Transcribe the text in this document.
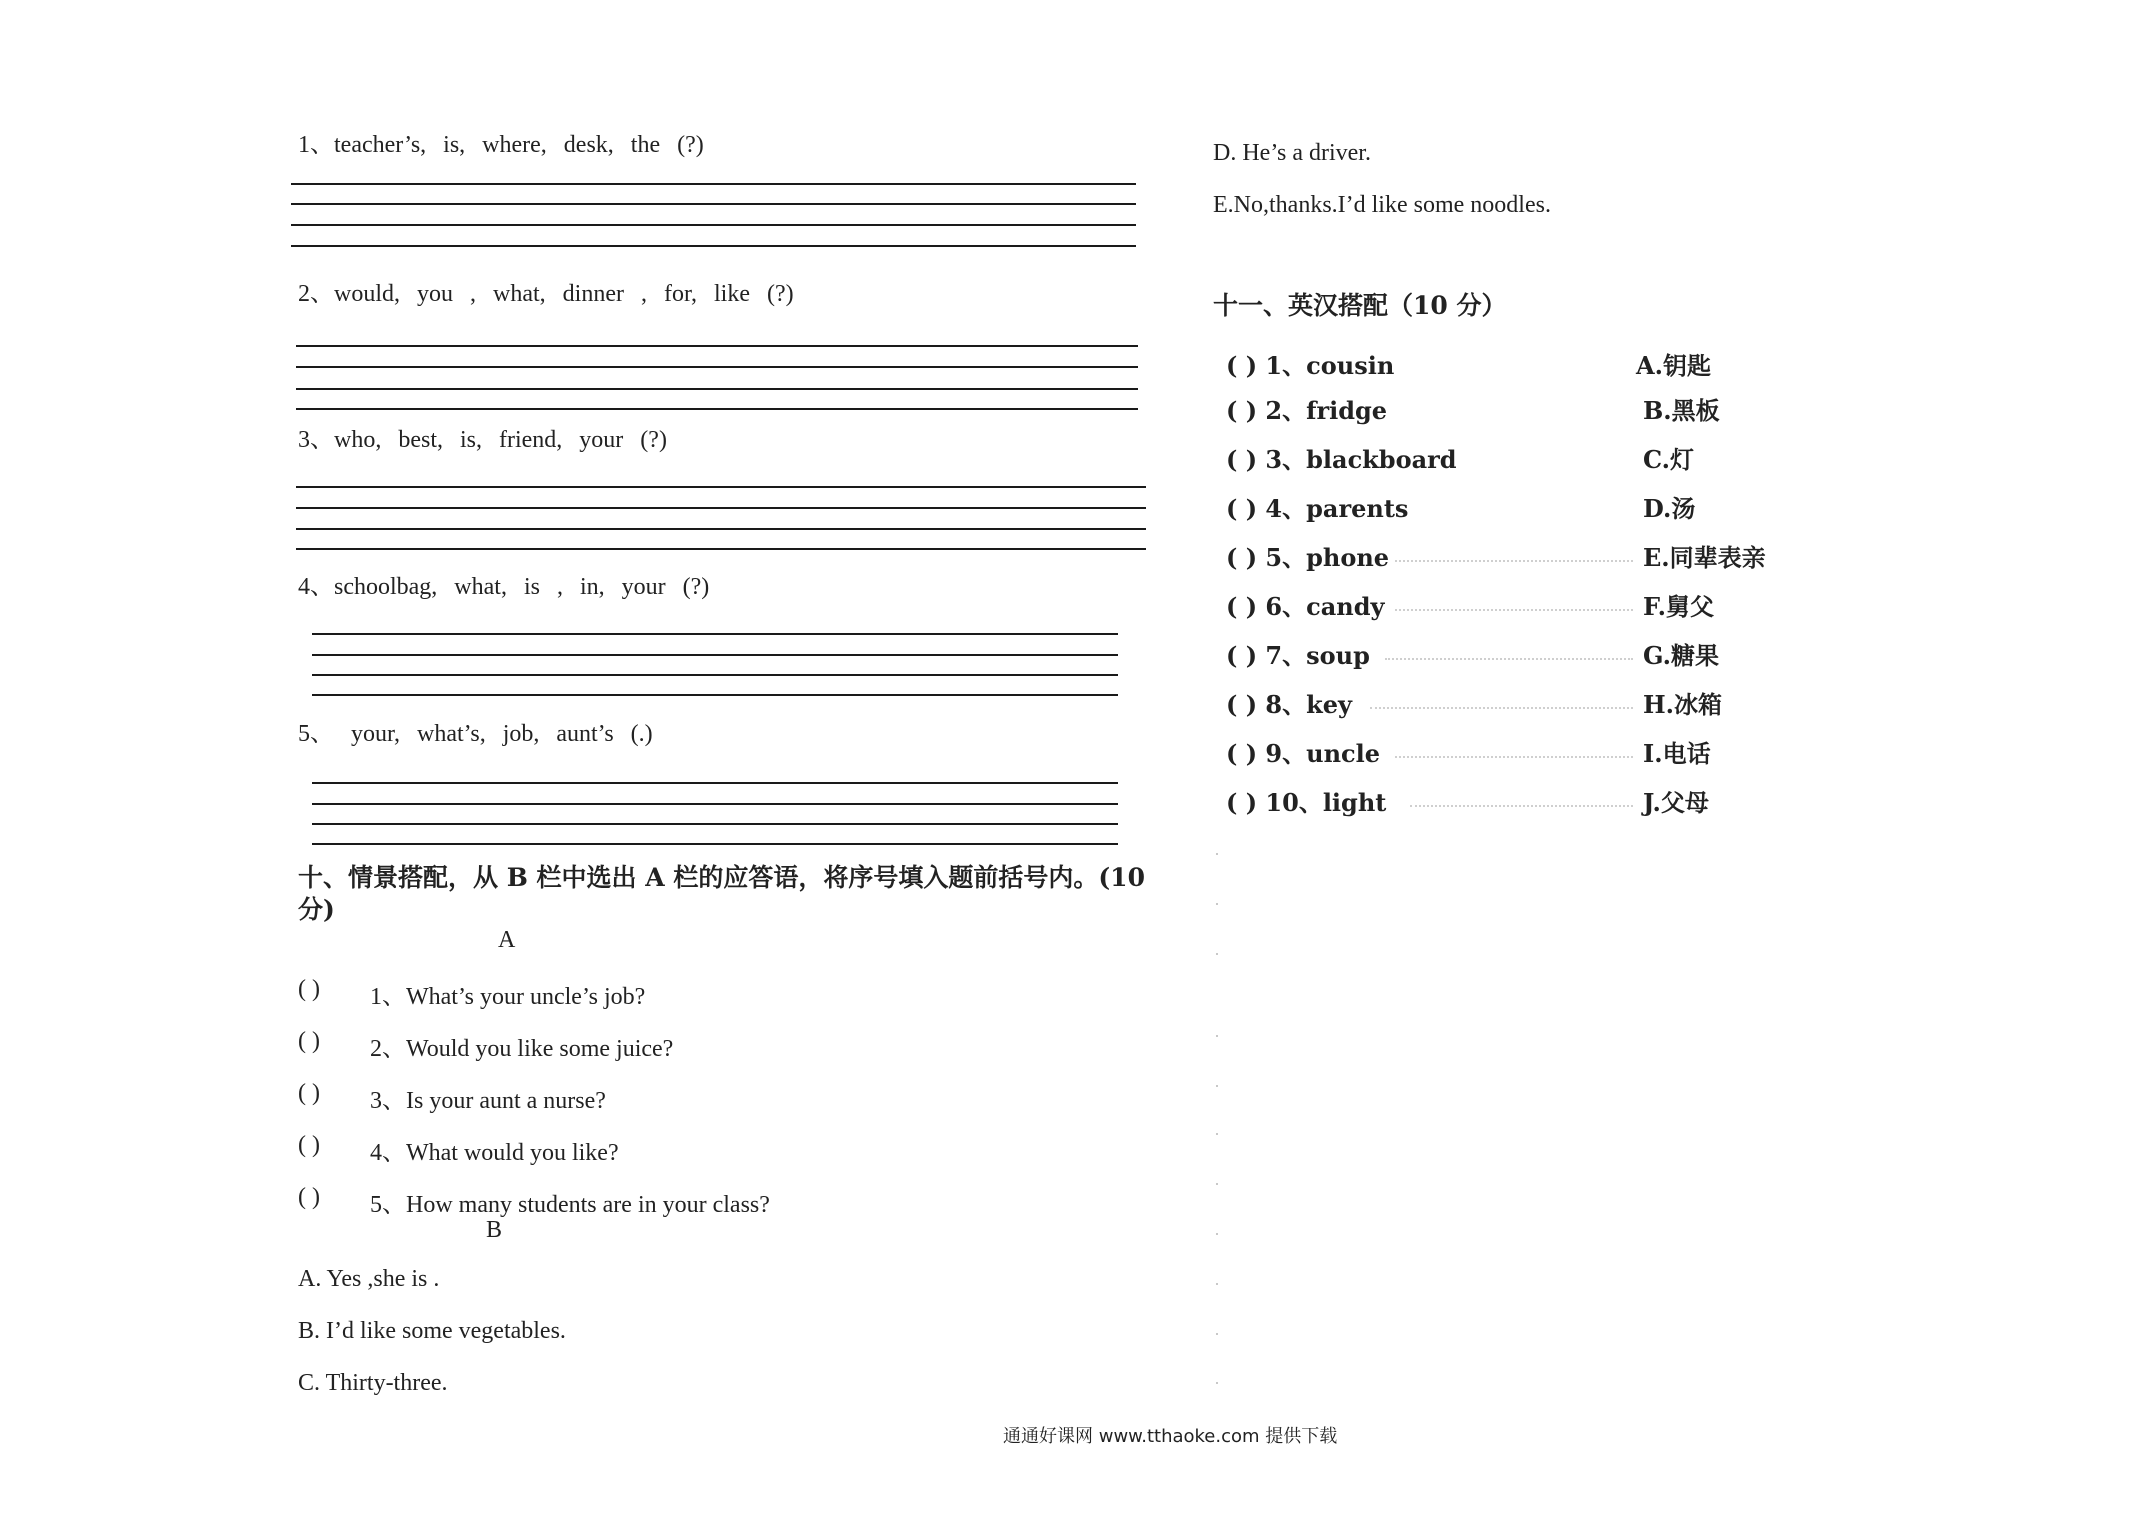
1、teacher’s, is, where, desk, the (?)
2、would, you , what, dinner , for, like (?)
3、who, best, is, friend, your (?)
4、schoolbag, what, is , in, your (?)
5、 your, what’s, job, aunt’s (.)
十、情景搭配，从 B 栏中选出 A 栏的应答语，将序号填入题前括号内。(10
分)
A
( ) 1、What’s your uncle’s job?
( ) 2、Would you like some juice?
( ) 3、Is your aunt a nurse?
( ) 4、What would you like?
( ) 5、How many students are in your class?
B
A. Yes ,she is .
B. I’d like some vegetables.
C. Thirty-three.
D. He’s a driver.
E.No,thanks.I’d like some noodles.
十一、英汉搭配（10 分）
( ) 1、cousin	A.钥匙
( ) 2、fridge	B.黑板
( ) 3、blackboard	C.灯
( ) 4、parents	D.汤
( ) 5、phone	E.同辈表亲
( ) 6、candy	F.舅父
( ) 7、soup	G.糖果
( ) 8、key	H.冰箱
( ) 9、uncle	I.电话
( ) 10、light	J.父母
通通好课网 www.tthaoke.com 提供下载
